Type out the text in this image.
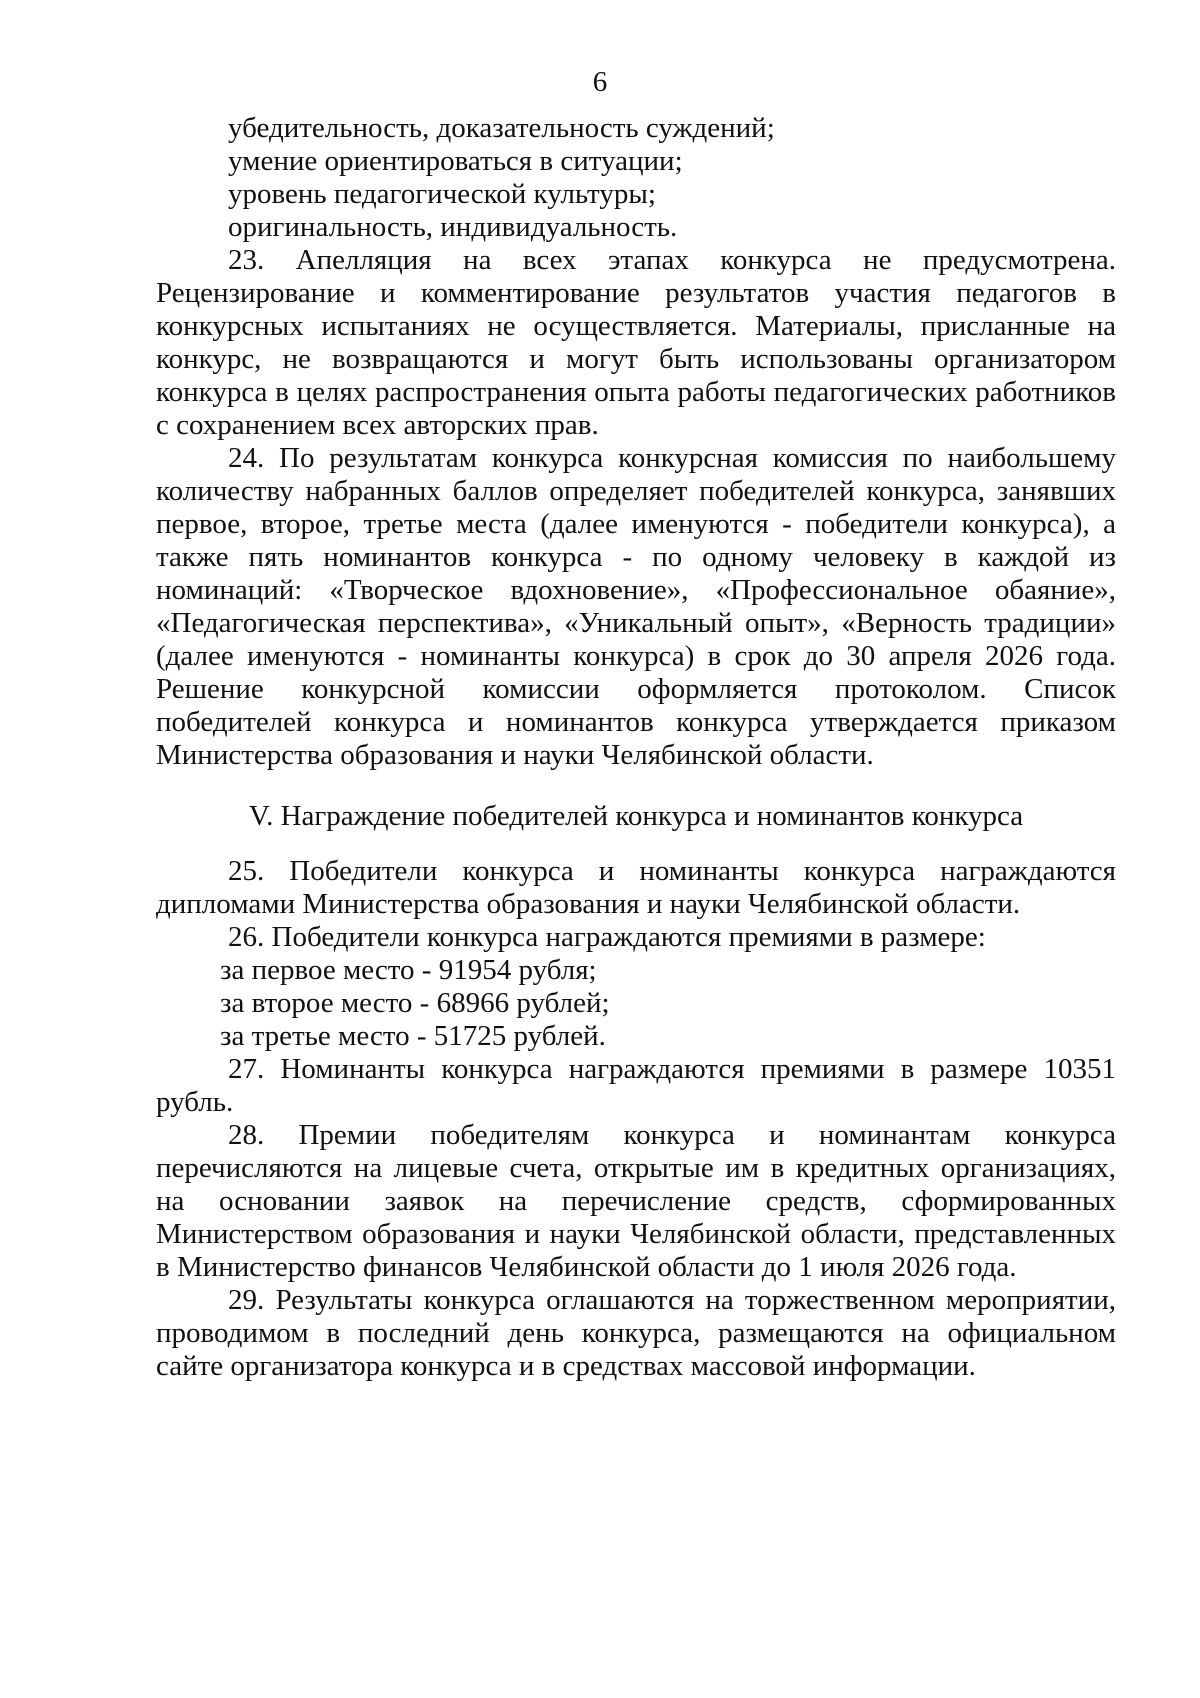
6

убедительность, доказательность суждений;

умение ориентироваться в ситуации;

уровень педагогической культуры;

оригинальность, индивидуальность.

23. Апелляция на всех этапах конкурса не предусмотрена. Рецензирование и комментирование результатов участия педагогов в конкурсных испытаниях не осуществляется. Материалы, присланные на конкурс, не возвращаются и могут быть использованы организатором конкурса в целях распространения опыта работы педагогических работников с сохранением всех авторских прав.

24. По результатам конкурса конкурсная комиссия по наибольшему количеству набранных баллов определяет победителей конкурса, занявших первое, второе, третье места (далее именуются - победители конкурса), а также пять номинантов конкурса - по одному человеку в каждой из номинаций: «Творческое вдохновение», «Профессиональное обаяние», «Педагогическая перспектива», «Уникальный опыт», «Верность традиции» (далее именуются - номинанты конкурса) в срок до 30 апреля 2026 года. Решение конкурсной комиссии оформляется протоколом. Список победителей конкурса и номинантов конкурса утверждается приказом Министерства образования и науки Челябинской области.

V. Награждение победителей конкурса и номинантов конкурса

25. Победители конкурса и номинанты конкурса награждаются дипломами Министерства образования и науки Челябинской области.

26. Победители конкурса награждаются премиями в размере:

за первое место - 91954 рубля;

за второе место - 68966 рублей;

за третье место - 51725 рублей.

27. Номинанты конкурса награждаются премиями в размере 10351 рубль.

28. Премии победителям конкурса и номинантам конкурса перечисляются на лицевые счета, открытые им в кредитных организациях, на основании заявок на перечисление средств, сформированных Министерством образования и науки Челябинской области, представленных в Министерство финансов Челябинской области до 1 июля 2026 года.

29. Результаты конкурса оглашаются на торжественном мероприятии, проводимом в последний день конкурса, размещаются на официальном сайте организатора конкурса и в средствах массовой информации.
